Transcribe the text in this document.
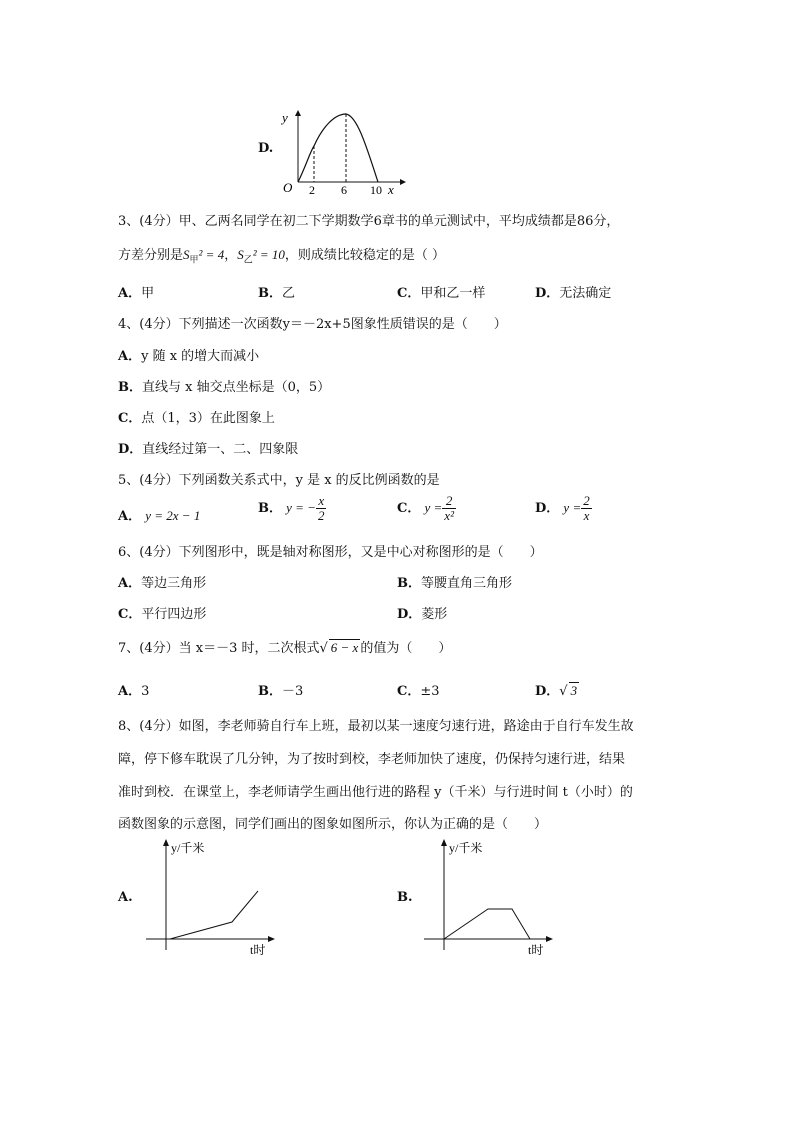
D.
y
O 2 6 10 x
3、(4分）甲、乙两名同学在初二下学期数学6章书的单元测试中，平均成绩都是86分，
方差分别是$S_甲^2 = 4$，$S_乙^2 = 10$，则成绩比较稳定的是（ ）
A．甲	B．乙	C．甲和乙一样	D．无法确定
4、(4分）下列描述一次函数y＝－2x+5图象性质错误的是（　　）
A．y 随 x 的增大而减小
B．直线与 x 轴交点坐标是（0，5）
C．点（1，3）在此图象上
D．直线经过第一、二、四象限
5、(4分）下列函数关系式中，y 是 x 的反比例函数的是
A． y = 2x − 1	B． y = − $\frac{x}{2}$	C． $y = \frac{2}{\text{x²}}$	D． $y = \frac{2}{x}$
6、(4分）下列图形中，既是轴对称图形，又是中心对称图形的是（　　）
A．等边三角形	B．等腰直角三角形
C．平行四边形	D．菱形
7、(4分）当 x＝－3 时，二次根式√ 6 − x 的值为（　　）
A．3	B．－3	C．±3	D．√ 3
8、(4分）如图，李老师骑自行车上班，最初以某一速度匀速行进，路途由于自行车发生故
障，停下修车耽误了几分钟，为了按时到校，李老师加快了速度，仍保持匀速行进，结果
准时到校．在课堂上，李老师请学生画出他行进的路程 y（千米）与行进时间 t（小时）的
函数图象的示意图，同学们画出的图象如图所示，你认为正确的是（　　）
A.
y/千米
t时
B.
y/千米
t时
